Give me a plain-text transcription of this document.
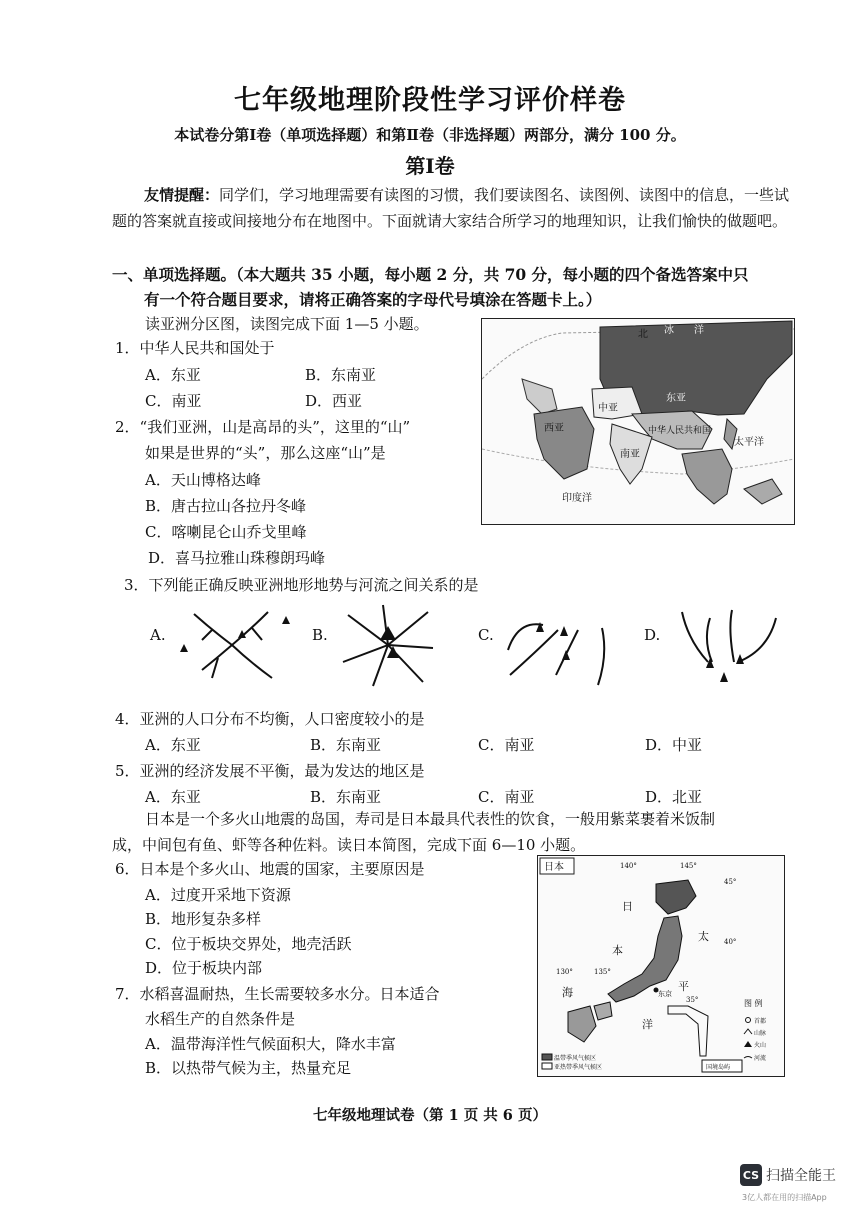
七年级地理阶段性学习评价样卷
本试卷分第Ⅰ卷（单项选择题）和第Ⅱ卷（非选择题）两部分，满分 100 分。
第Ⅰ卷
友情提醒：同学们，学习地理需要有读图的习惯，我们要读图名、读图例、读图中的信息，一些试题的答案就直接或间接地分布在地图中。下面就请大家结合所学习的地理知识，让我们愉快的做题吧。
一、单项选择题。（本大题共 35 小题，每小题 2 分，共 70 分，每小题的四个备选答案中只
有一个符合题目要求，请将正确答案的字母代号填涂在答题卡上。）
读亚洲分区图，读图完成下面 1—5 小题。
北 冰 洋
中亚
东亚
西亚	中华人民共和国
南亚
太平洋
印度洋
1．中华人民共和国处于
A．东亚	B．东南亚
C．南亚	D．西亚
2．“我们亚洲，山是高昂的头”，这里的“山”
如果是世界的“头”，那么这座“山”是
A．天山博格达峰
B．唐古拉山各拉丹冬峰
C．喀喇昆仑山乔戈里峰
D．喜马拉雅山珠穆朗玛峰
3．下列能正确反映亚洲地形地势与河流之间关系的是
A.	B.	C.	D.
4．亚洲的人口分布不均衡，人口密度较小的是
A．东亚	B．东南亚	C．南亚	D．中亚
5．亚洲的经济发展不平衡，最为发达的地区是
A．东亚	B．东南亚	C．南亚	D．北亚
日本是一个多火山地震的岛国，寿司是日本最具代表性的饮食，一般用紫菜裹着米饭制
成，中间包有鱼、虾等各种佐料。读日本简图，完成下面 6—10 小题。
6．日本是个多火山、地震的国家，主要原因是
A．过度开采地下资源
B．地形复杂多样
C．位于板块交界处，地壳活跃
D．位于板块内部
7．水稻喜温耐热，生长需要较多水分。日本适合
水稻生产的自然条件是
A．温带海洋性气候面积大，降水丰富
B．以热带气候为主，热量充足
日本	140°	145°
130°	135°
45°
40°
35°
东京
日
本
海
太
平
洋
图 例
首都
山脉
火山
河流
温带季风气候区
亚热带季风气候区	国境岛屿
七年级地理试卷（第 1 页 共 6 页）
CS 扫描全能王
3亿人都在用的扫描App
